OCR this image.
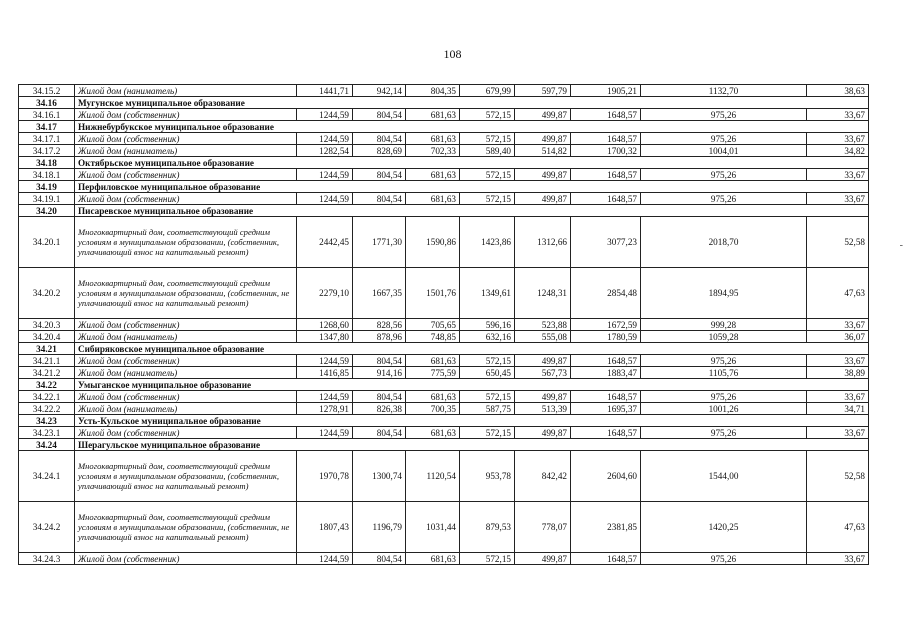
108
-
34.15.2	Жилой дом (наниматель)	1441,71	942,14	804,35	679,99	597,79	1905,21	1132,70	38,63
34.16	Мугунское муниципальное образование								
34.16.1	Жилой дом (собственник)	1244,59	804,54	681,63	572,15	499,87	1648,57	975,26	33,67
34.17	Нижнебурбукское муниципальное образование								
34.17.1	Жилой дом (собственник)	1244,59	804,54	681,63	572,15	499,87	1648,57	975,26	33,67
34.17.2	Жилой дом (наниматель)	1282,54	828,69	702,33	589,40	514,82	1700,32	1004,01	34,82
34.18	Октябрьское муниципальное образование								
34.18.1	Жилой дом (собственник)	1244,59	804,54	681,63	572,15	499,87	1648,57	975,26	33,67
34.19	Перфиловское муниципальное образование								
34.19.1	Жилой дом (собственник)	1244,59	804,54	681,63	572,15	499,87	1648,57	975,26	33,67
34.20	Писаревское муниципальное образование								
34.20.1	Многоквартирный дом, соответствующий средним условиям в муниципальном образовании, (собственник, уплачивающий взнос на капитальный ремонт)	2442,45	1771,30	1590,86	1423,86	1312,66	3077,23	2018,70	52,58
34.20.2	Многоквартирный дом, соответствующий средним условиям в муниципальном образовании, (собственник, не уплачивающий взнос на капитальный ремонт)	2279,10	1667,35	1501,76	1349,61	1248,31	2854,48	1894,95	47,63
34.20.3	Жилой дом (собственник)	1268,60	828,56	705,65	596,16	523,88	1672,59	999,28	33,67
34.20.4	Жилой дом (наниматель)	1347,80	878,96	748,85	632,16	555,08	1780,59	1059,28	36,07
34.21	Сибиряковское муниципальное образование								
34.21.1	Жилой дом (собственник)	1244,59	804,54	681,63	572,15	499,87	1648,57	975,26	33,67
34.21.2	Жилой дом (наниматель)	1416,85	914,16	775,59	650,45	567,73	1883,47	1105,76	38,89
34.22	Умыганское муниципальное образование								
34.22.1	Жилой дом (собственник)	1244,59	804,54	681,63	572,15	499,87	1648,57	975,26	33,67
34.22.2	Жилой дом (наниматель)	1278,91	826,38	700,35	587,75	513,39	1695,37	1001,26	34,71
34.23	Усть-Кульское муниципальное образование								
34.23.1	Жилой дом (собственник)	1244,59	804,54	681,63	572,15	499,87	1648,57	975,26	33,67
34.24	Шерагульское муниципальное образование								
34.24.1	Многоквартирный дом, соответствующий средним условиям в муниципальном образовании, (собственник, уплачивающий взнос на капитальный ремонт)	1970,78	1300,74	1120,54	953,78	842,42	2604,60	1544,00	52,58
34.24.2	Многоквартирный дом, соответствующий средним условиям в муниципальном образовании, (собственник, не уплачивающий взнос на капитальный ремонт)	1807,43	1196,79	1031,44	879,53	778,07	2381,85	1420,25	47,63
34.24.3	Жилой дом (собственник)	1244,59	804,54	681,63	572,15	499,87	1648,57	975,26	33,67
